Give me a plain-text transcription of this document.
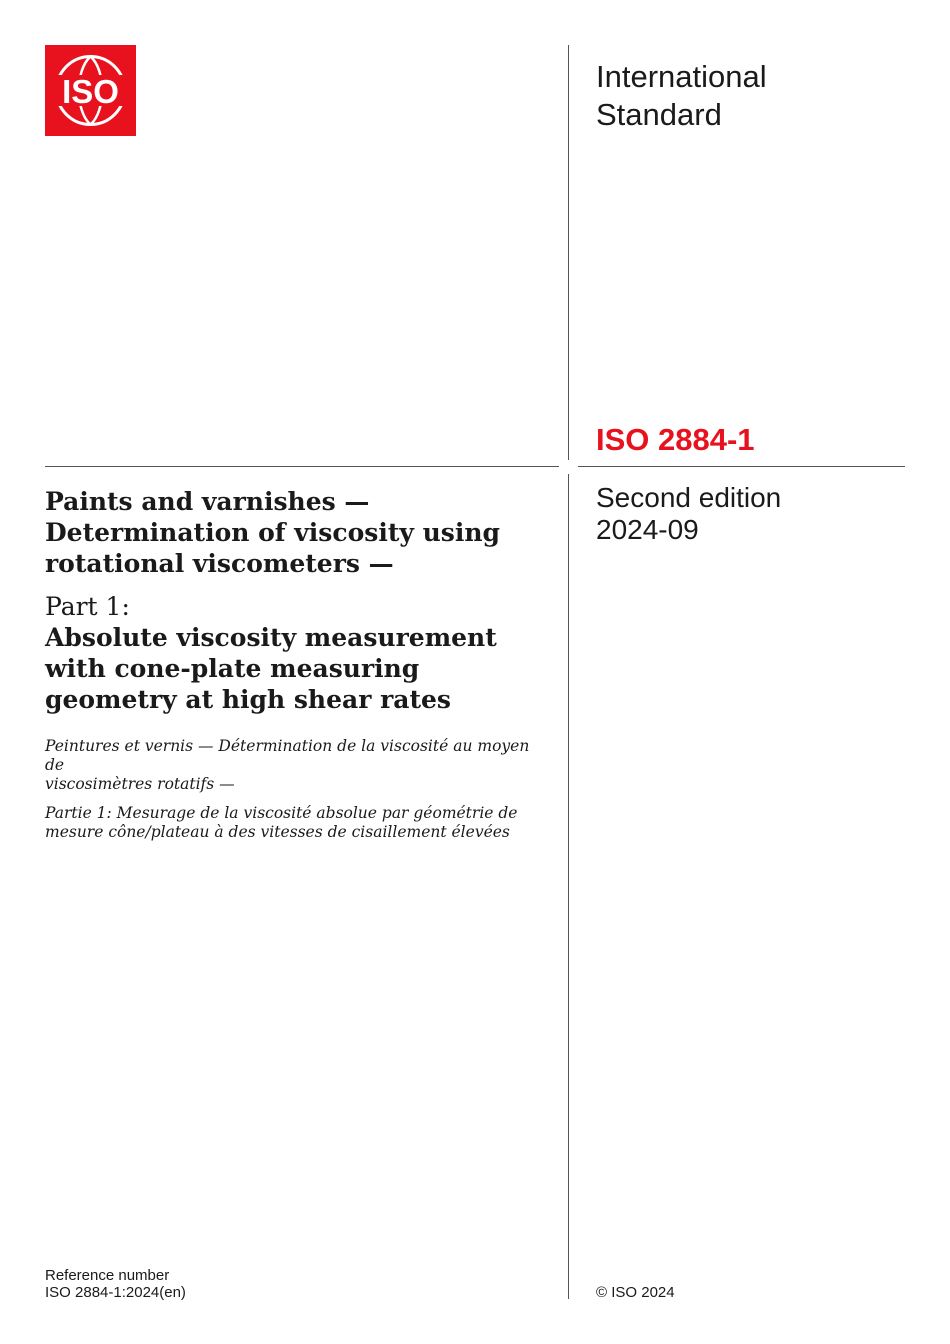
ISO	International
Standard
ISO 2884-1
Second edition
2024-09
Paints and varnishes —
Determination of viscosity using
rotational viscometers —
Part 1:
Absolute viscosity measurement
with cone-plate measuring
geometry at high shear rates
Peintures et vernis — Détermination de la viscosité au moyen de
viscosimètres rotatifs —
Partie 1: Mesurage de la viscosité absolue par géométrie de
mesure cône/plateau à des vitesses de cisaillement élevées
Reference number
ISO 2884-1:2024(en)	© ISO 2024
